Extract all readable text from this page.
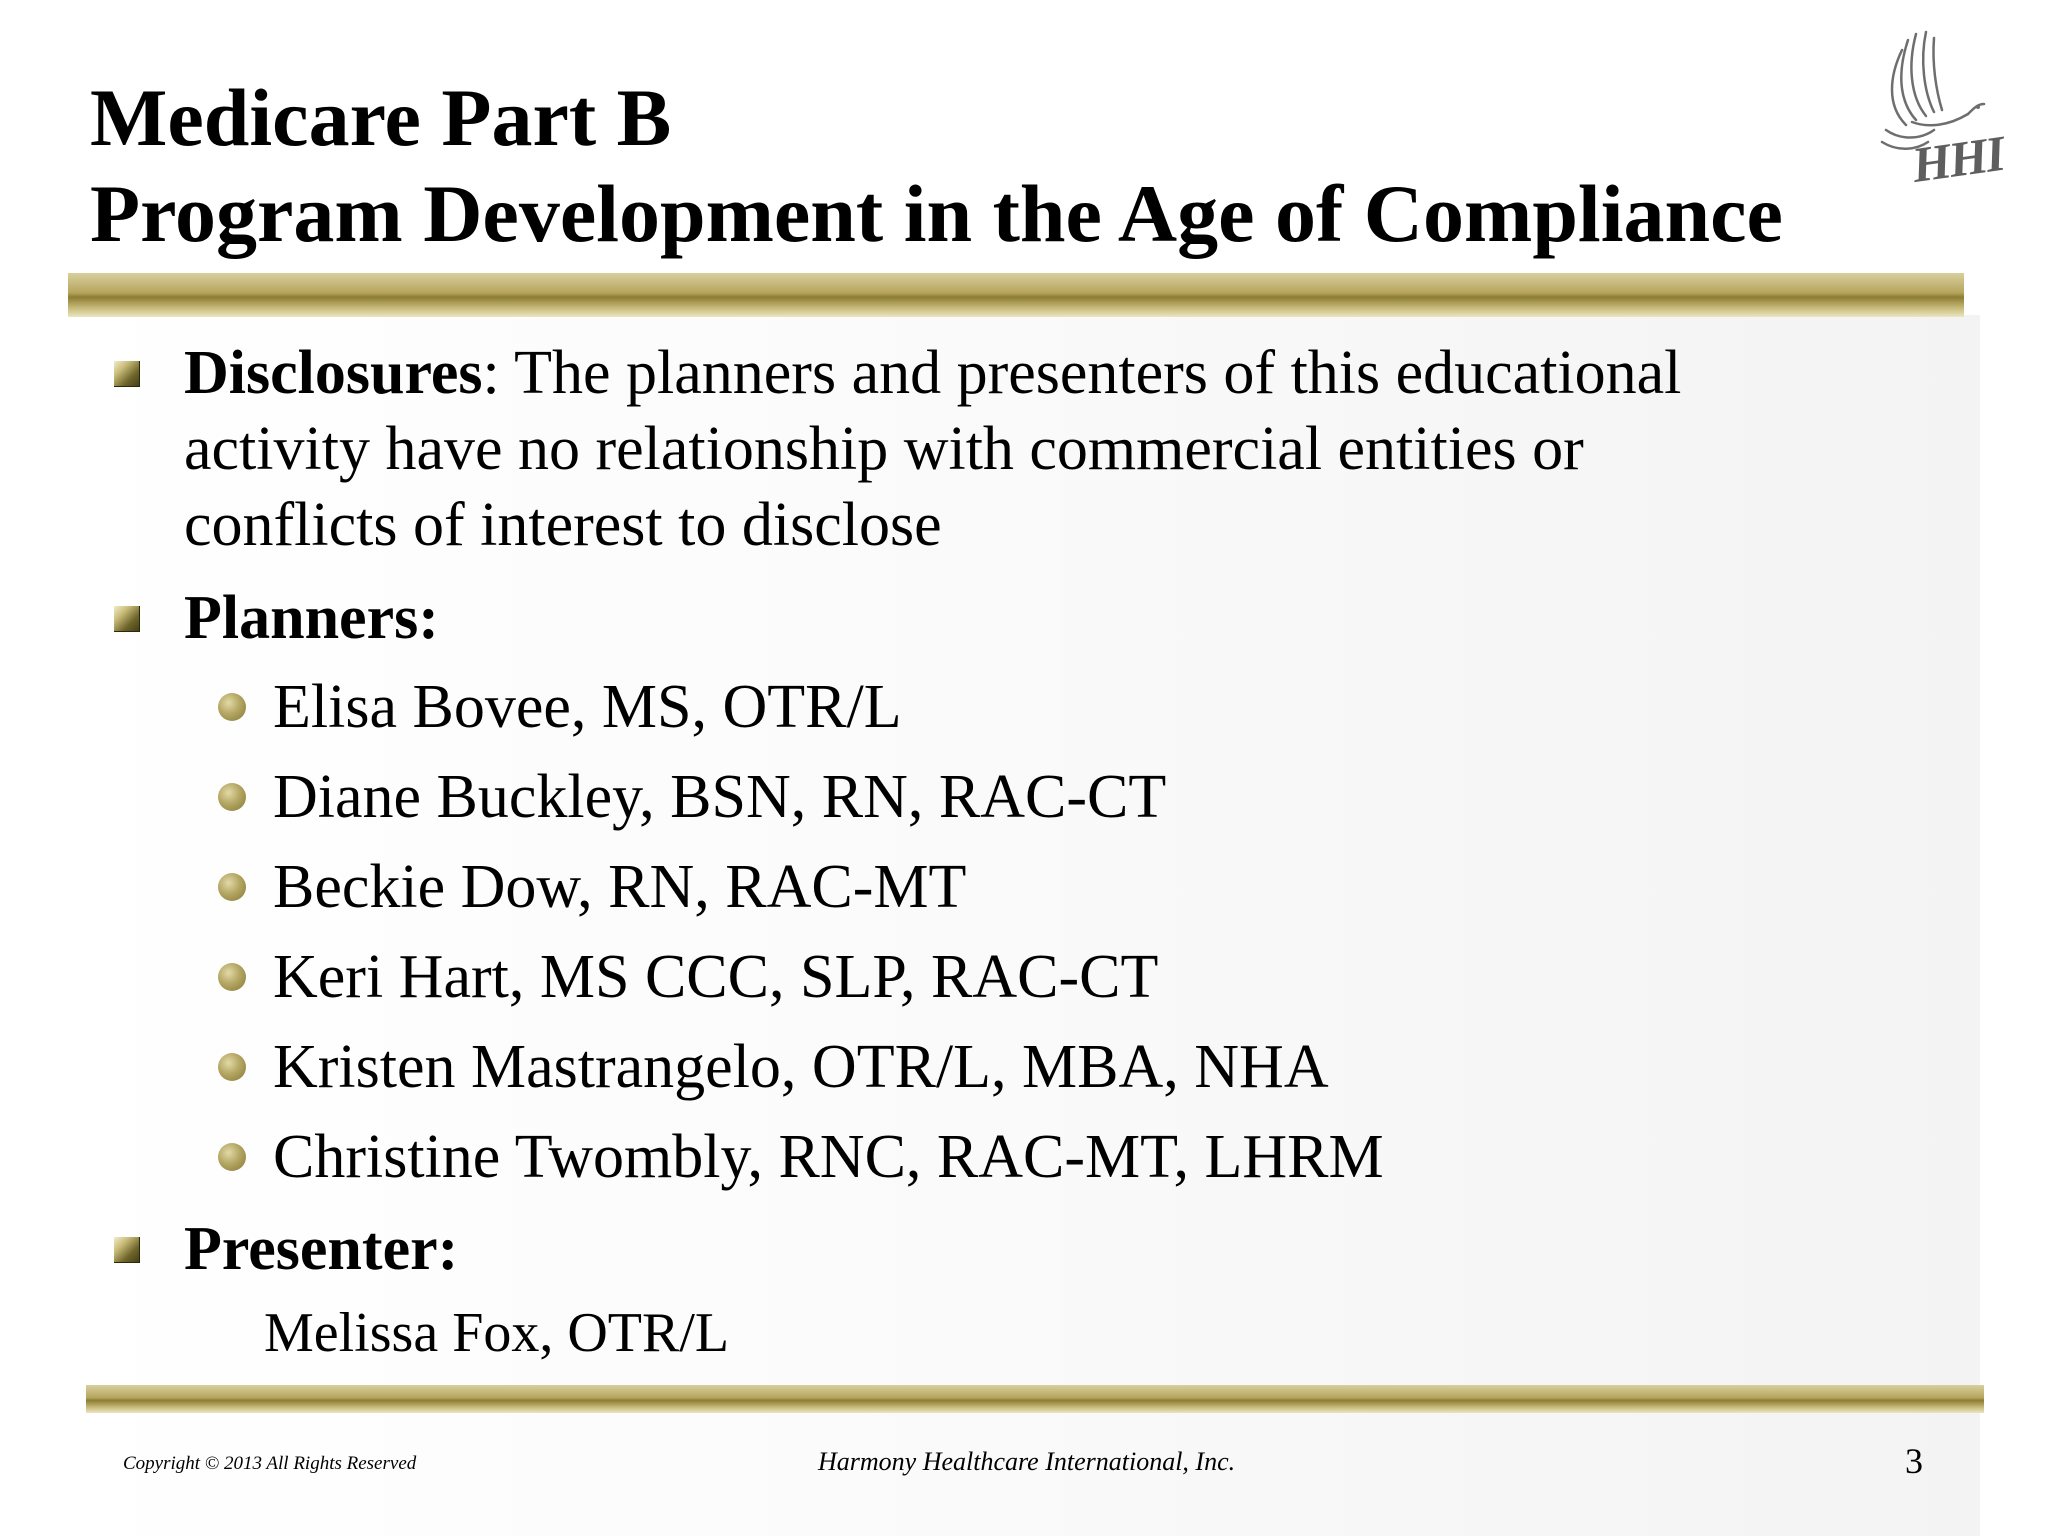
Medicare Part B
Program Development in the Age of Compliance
HHI
Disclosures: The planners and presenters of this educational
activity have no relationship with commercial entities or
conflicts of interest to disclose
Planners:
Elisa Bovee, MS, OTR/L
Diane Buckley, BSN, RN, RAC-CT
Beckie Dow, RN, RAC-MT
Keri Hart, MS CCC, SLP, RAC-CT
Kristen Mastrangelo, OTR/L, MBA, NHA
Christine Twombly, RNC, RAC-MT, LHRM
Presenter:
Melissa Fox, OTR/L
Copyright © 2013 All Rights Reserved	Harmony Healthcare International, Inc.	3
